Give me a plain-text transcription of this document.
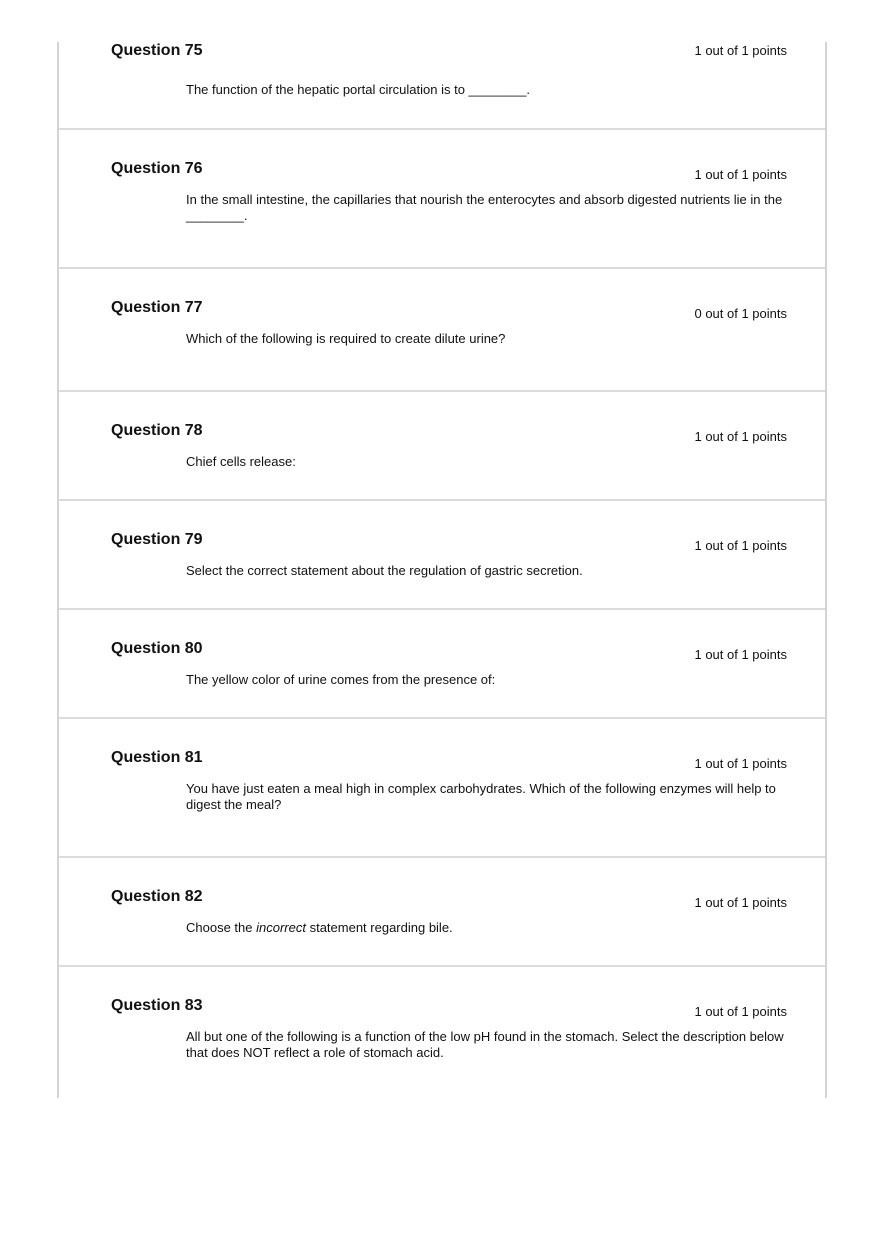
Question 75	1 out of 1 points
The function of the hepatic portal circulation is to ________.
Question 76	1 out of 1 points
In the small intestine, the capillaries that nourish the enterocytes and absorb digested nutrients lie in the ________.
Question 77	0 out of 1 points
Which of the following is required to create dilute urine?
Question 78	1 out of 1 points
Chief cells release:
Question 79	1 out of 1 points
Select the correct statement about the regulation of gastric secretion.
Question 80	1 out of 1 points
The yellow color of urine comes from the presence of:
Question 81	1 out of 1 points
You have just eaten a meal high in complex carbohydrates. Which of the following enzymes will help to digest the meal?
Question 82	1 out of 1 points
Choose the incorrect statement regarding bile.
Question 83	1 out of 1 points
All but one of the following is a function of the low pH found in the stomach. Select the description below that does NOT reflect a role of stomach acid.
